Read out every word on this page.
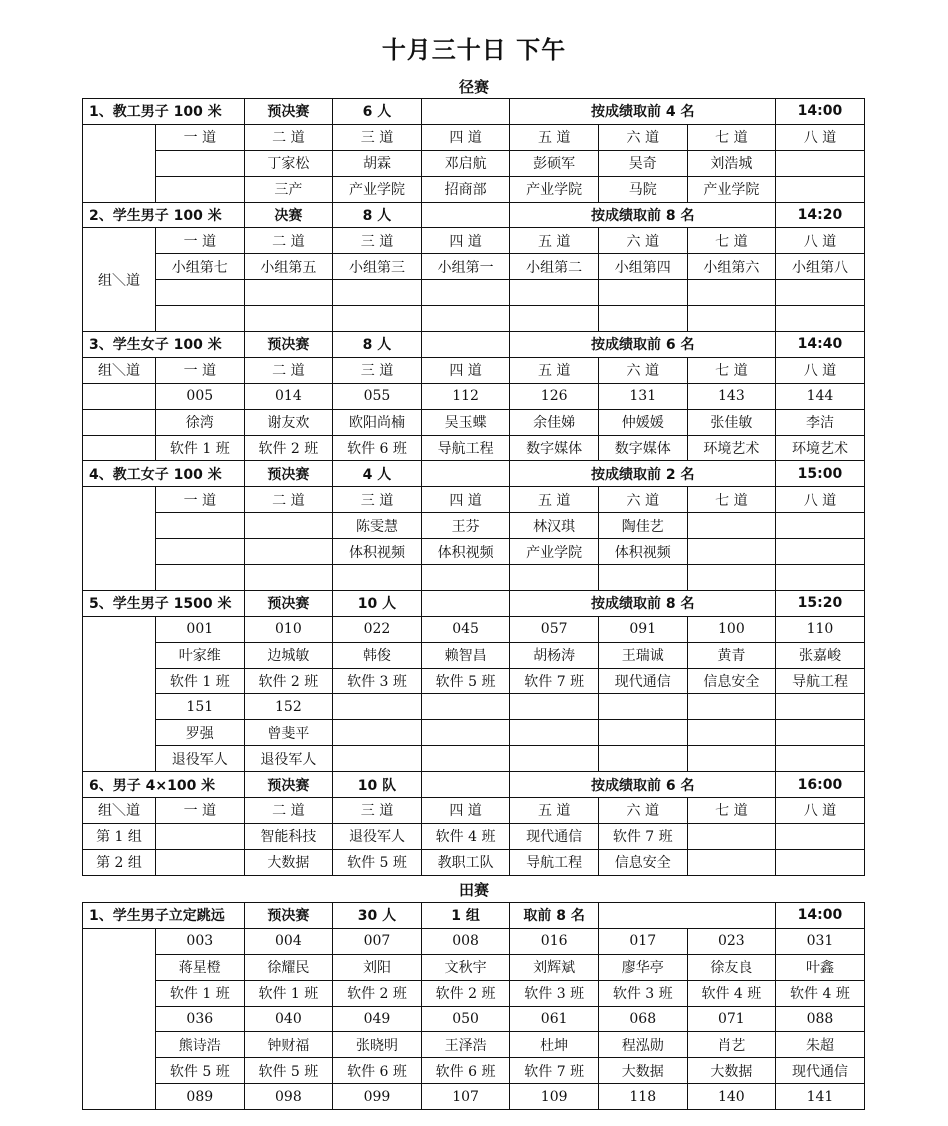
十月三十日 下午
径赛
1、教工男子 100 米		预决赛	6 人		按成绩取前 4 名			14:00
	一 道	二 道	三 道	四 道	五 道	六 道	七 道	八 道
		丁家松	胡霖	邓启航	彭硕军	吴奇	刘浩城	
		三产	产业学院	招商部	产业学院	马院	产业学院	
2、学生男子 100 米		决赛	8 人		按成绩取前 8 名			14:20
组＼道	一 道	二 道	三 道	四 道	五 道	六 道	七 道	八 道
	小组第七	小组第五	小组第三	小组第一	小组第二	小组第四	小组第六	小组第八

3、学生女子 100 米		预决赛	8 人		按成绩取前 6 名			14:40
组＼道	一 道	二 道	三 道	四 道	五 道	六 道	七 道	八 道
	005	014	055	112	126	131	143	144
	徐湾	谢友欢	欧阳尚楠	吴玉蝶	余佳娣	仲媛媛	张佳敏	李洁
	软件 1 班	软件 2 班	软件 6 班	导航工程	数字媒体	数字媒体	环境艺术	环境艺术
4、教工女子 100 米		预决赛	4 人		按成绩取前 2 名			15:00
	一 道	二 道	三 道	四 道	五 道	六 道	七 道	八 道
			陈雯慧	王芬	林汉琪	陶佳艺		
			体积视频	体积视频	产业学院	体积视频		

5、学生男子 1500 米		预决赛	10 人		按成绩取前 8 名			15:20
	001	010	022	045	057	091	100	110
	叶家维	边城敏	韩俊	赖智昌	胡杨涛	王瑞诚	黄青	张嘉峻
	软件 1 班	软件 2 班	软件 3 班	软件 5 班	软件 7 班	现代通信	信息安全	导航工程
	151	152						
	罗强	曾斐平						
	退役军人	退役军人						
6、男子 4×100 米		预决赛	10 队		按成绩取前 6 名			16:00
组＼道	一 道	二 道	三 道	四 道	五 道	六 道	七 道	八 道
第 1 组		智能科技	退役军人	软件 4 班	现代通信	软件 7 班		
第 2 组		大数据	软件 5 班	教职工队	导航工程	信息安全		
田赛
1、学生男子立定跳远		预决赛	30 人	1 组	取前 8 名			14:00
	003	004	007	008	016	017	023	031
	蒋星橙	徐耀民	刘阳	文秋宇	刘辉斌	廖华亭	徐友良	叶鑫
	软件 1 班	软件 1 班	软件 2 班	软件 2 班	软件 3 班	软件 3 班	软件 4 班	软件 4 班
	036	040	049	050	061	068	071	088
	熊诗浩	钟财福	张晓明	王泽浩	杜坤	程泓勋	肖艺	朱超
	软件 5 班	软件 5 班	软件 6 班	软件 6 班	软件 7 班	大数据	大数据	现代通信
	089	098	099	107	109	118	140	141
